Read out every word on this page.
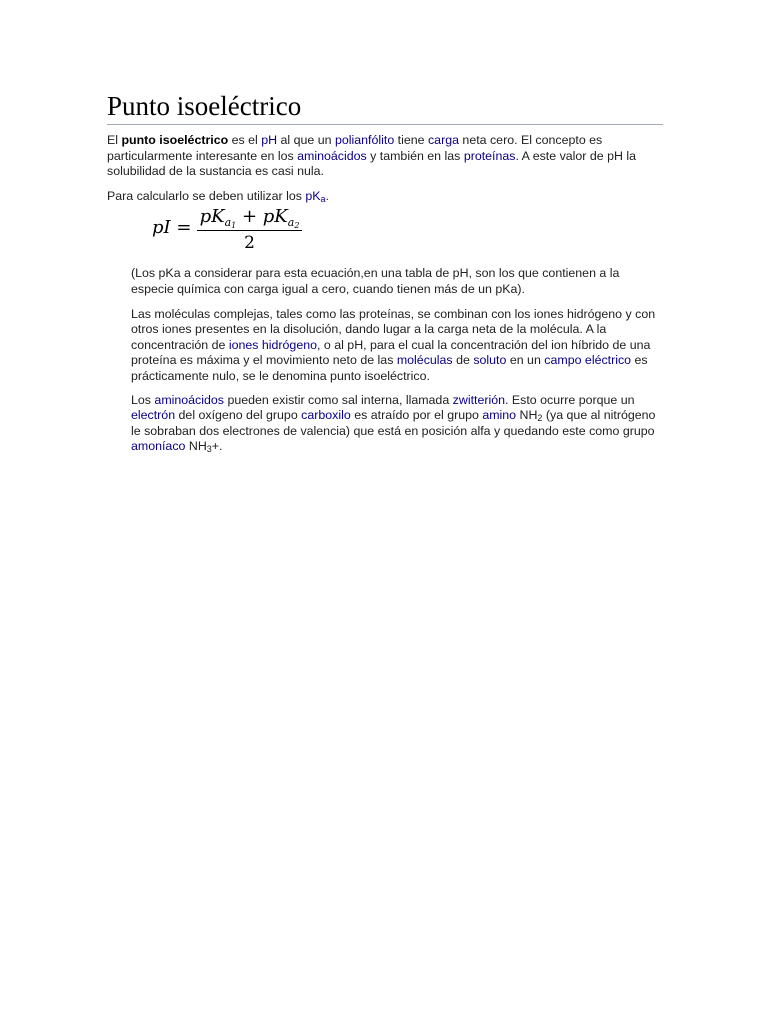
Punto isoeléctrico

El punto isoeléctrico es el pH al que un polianfólito tiene carga neta cero. El concepto es particularmente interesante en los aminoácidos y también en las proteínas. A este valor de pH la solubilidad de la sustancia es casi nula.

Para calcularlo se deben utilizar los $pK_a$.

pI =
$pK_{a_1} + pK_{a_2}$
2

(Los pKa a considerar para esta ecuación,en una tabla de pH, son los que contienen a la especie química con carga igual a cero, cuando tienen más de un pKa).

Las moléculas complejas, tales como las proteínas, se combinan con los iones hidrógeno y con otros iones presentes en la disolución, dando lugar a la carga neta de la molécula. A la concentración de iones hidrógeno, o al pH, para el cual la concentración del ion híbrido de una proteína es máxima y el movimiento neto de las moléculas de soluto en un campo eléctrico es prácticamente nulo, se le denomina punto isoeléctrico.

Los aminoácidos pueden existir como sal interna, llamada zwitterión. Esto ocurre porque un electrón del oxígeno del grupo carboxilo es atraído por el grupo amino $NH_2$ (ya que al nitrógeno le sobraban dos electrones de valencia) que está en posición alfa y quedando este como grupo amoníaco $NH_3+$.
